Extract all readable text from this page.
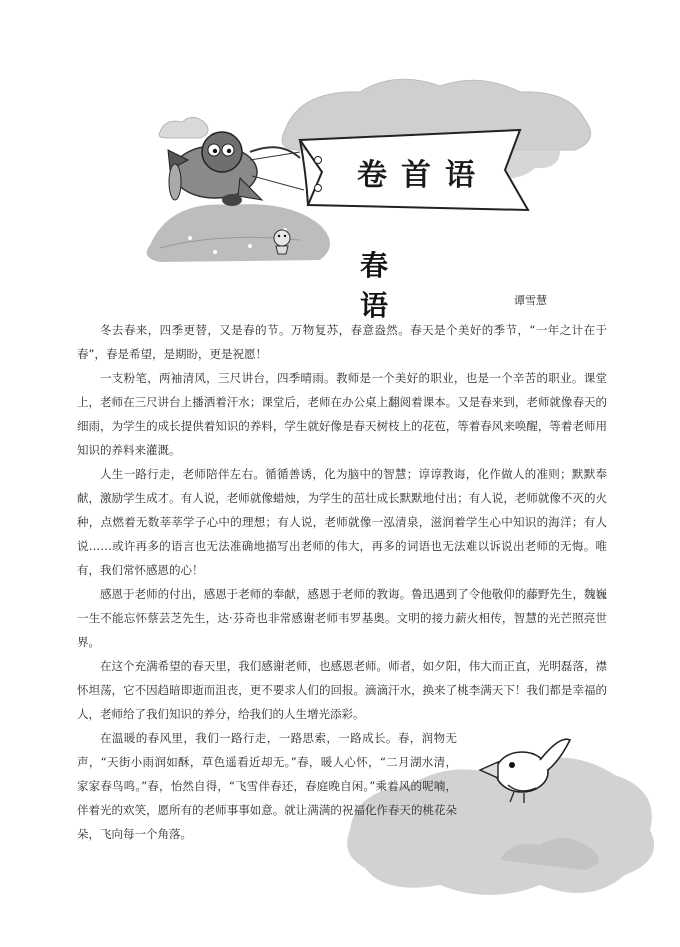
卷首语
春 语	谭雪慧

冬去春来，四季更替，又是春的节。万物复苏，春意盎然。春天是个美好的季节，“一年之计在于春”，春是希望，是期盼，更是祝愿！

一支粉笔，两袖清风，三尺讲台，四季晴雨。教师是一个美好的职业，也是一个辛苦的职业。课堂上，老师在三尺讲台上播洒着汗水；课堂后，老师在办公桌上翻阅着课本。又是春来到，老师就像春天的细雨，为学生的成长提供着知识的养料，学生就好像是春天树枝上的花苞，等着春风来唤醒，等着老师用知识的养料来灌溉。

人生一路行走，老师陪伴左右。循循善诱，化为脑中的智慧；谆谆教诲，化作做人的准则；默默奉献，激励学生成才。有人说，老师就像蜡烛，为学生的茁壮成长默默地付出；有人说，老师就像不灭的火种，点燃着无数莘莘学子心中的理想；有人说，老师就像一泓清泉，滋润着学生心中知识的海洋；有人说……或许再多的语言也无法准确地描写出老师的伟大，再多的词语也无法难以诉说出老师的无悔。唯有，我们常怀感恩的心！

感恩于老师的付出，感恩于老师的奉献，感恩于老师的教诲。鲁迅遇到了令他敬仰的藤野先生，魏巍一生不能忘怀蔡芸芝先生，达·芬奇也非常感谢老师韦罗基奥。文明的接力薪火相传，智慧的光芒照亮世界。

在这个充满希望的春天里，我们感谢老师，也感恩老师。师者，如夕阳，伟大而正直，光明磊落，襟怀坦荡，它不因趋暗即逝而沮丧，更不要求人们的回报。滴滴汗水，换来了桃李满天下！我们都是幸福的人，老师给了我们知识的养分，给我们的人生增光添彩。

在温暖的春风里，我们一路行走，一路思索，一路成长。春，润物无声，“天街小雨润如酥，草色遥看近却无。”春，暖人心怀，“二月湖水清，家家春鸟鸣。”春，怡然自得，“飞雪伴春还，春庭晚自闲。”乘着风的呢喃，伴着光的欢笑，愿所有的老师事事如意。就让满满的祝福化作春天的桃花朵朵，飞向每一个角落。
